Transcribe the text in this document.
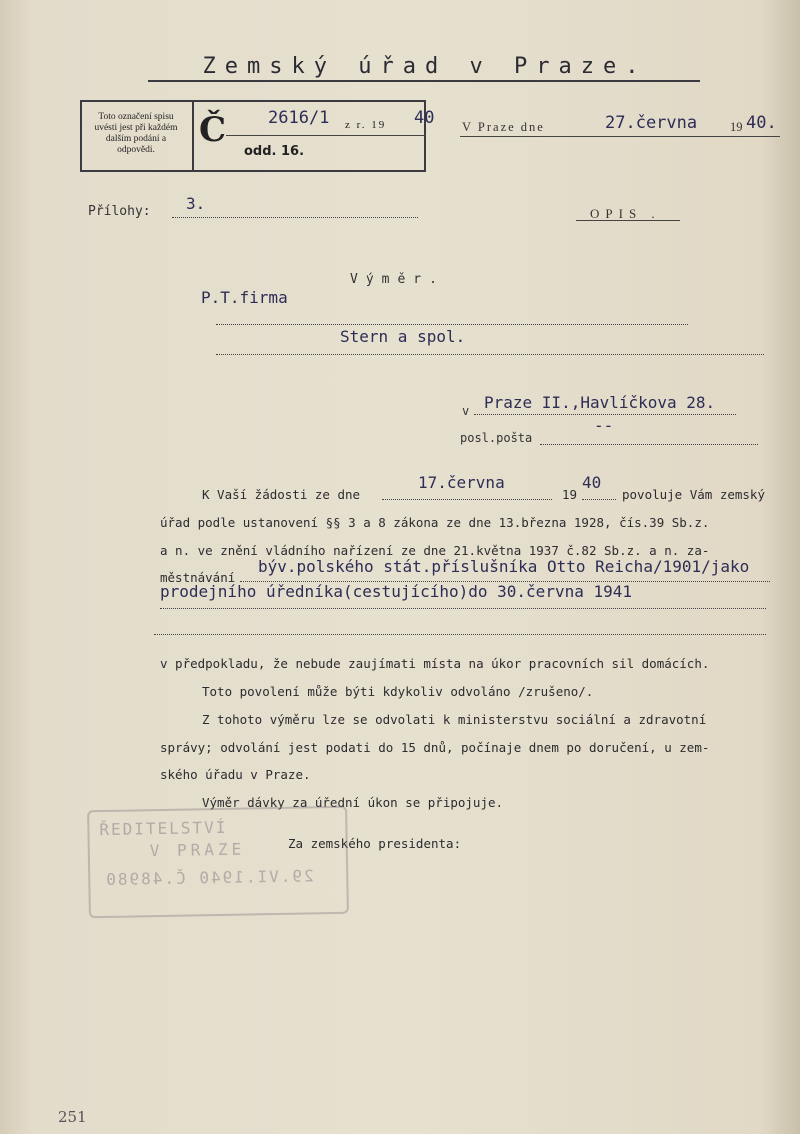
Zemský úřad v Praze.
Toto označení spisu uvésti jest při každém dalším podání a odpovědi.	Č 2616/1 z r. 19 40
odd. 16.
V Praze dne	27.června	19 40.
Přílohy: 3.
OPIS .
Výměr.
P.T.firma
Stern a spol.
v Praze II.,Havlíčkova 28.
--
posl.pošta
K Vaší žádosti ze dne
17.června
19
40
povoluje Vám zemský
úřad podle ustanovení §§ 3 a 8 zákona ze dne 13.března 1928, čís.39 Sb.z.
a n. ve znění vládního nařízení ze dne 21.května 1937 č.82 Sb.z. a n. za-
městnávání
býv.polského stát.příslušníka Otto Reicha/1901/jako
prodejního úředníka(cestujícího)do 30.června 1941
v předpokladu, že nebude zaujímati místa na úkor pracovních sil domácích.
Toto povolení může býti kdykoliv odvoláno /zrušeno/.
Z tohoto výměru lze se odvolati k ministerstvu sociální a zdravotní
správy; odvolání jest podati do 15 dnů, počínaje dnem po doručení, u zem-
ského úřadu v Praze.
Výměr dávky za úřední úkon se připojuje.
Za zemského presidenta:
ŘEDITELSTVÍ
V PRAZE
29.VI.1940 Č.48980
251
